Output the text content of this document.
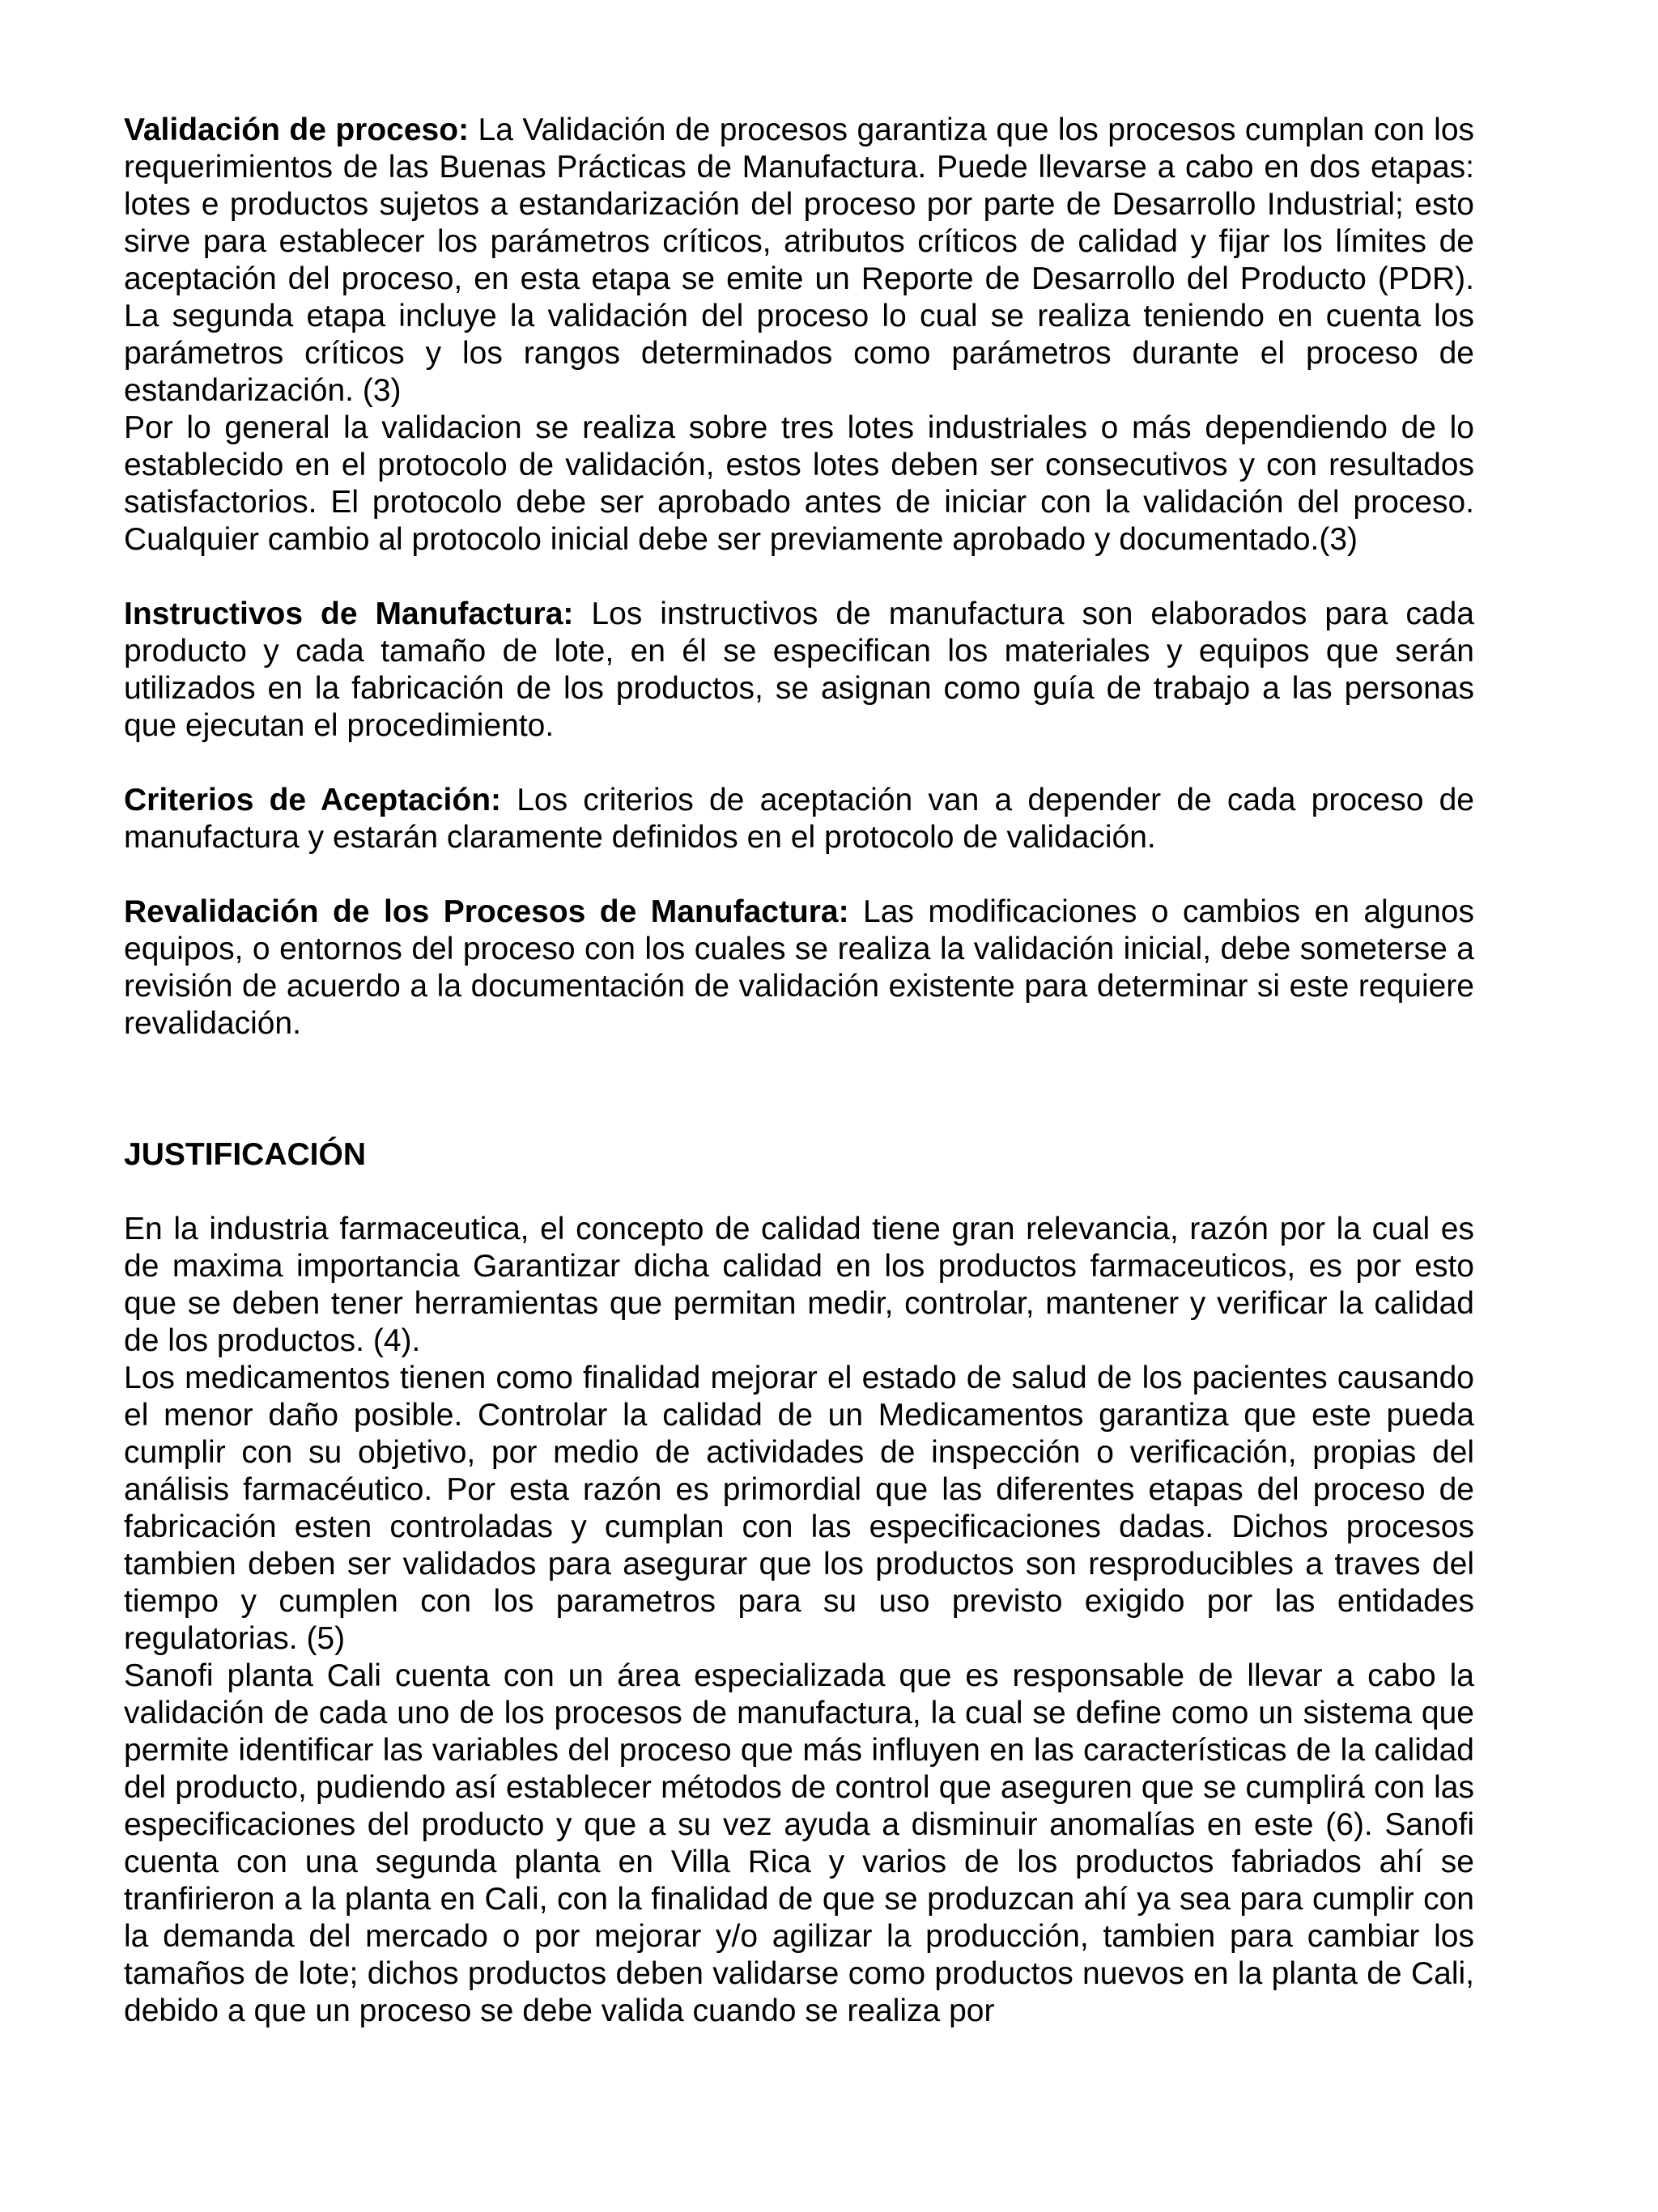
Validación de proceso: La Validación de procesos garantiza que los procesos cumplan con los requerimientos de las Buenas Prácticas de Manufactura. Puede llevarse a cabo en dos etapas: lotes e productos sujetos a estandarización del proceso por parte de Desarrollo Industrial; esto sirve para establecer los parámetros críticos, atributos críticos de calidad y fijar los límites de aceptación del proceso, en esta etapa se emite un Reporte de Desarrollo del Producto (PDR). La segunda etapa incluye la validación del proceso lo cual se realiza teniendo en cuenta los parámetros críticos y los rangos determinados como parámetros durante el proceso de estandarización. (3)

Por lo general la validacion se realiza sobre tres lotes industriales o más dependiendo de lo establecido en el protocolo de validación, estos lotes deben ser consecutivos y con resultados satisfactorios. El protocolo debe ser aprobado antes de iniciar con la validación del proceso. Cualquier cambio al protocolo inicial debe ser previamente aprobado y documentado.(3)

Instructivos de Manufactura: Los instructivos de manufactura son elaborados para cada producto y cada tamaño de lote, en él se especifican los materiales y equipos que serán utilizados en la fabricación de los productos, se asignan como guía de trabajo a las personas que ejecutan el procedimiento.

Criterios de Aceptación: Los criterios de aceptación van a depender de cada proceso de manufactura y estarán claramente definidos en el protocolo de validación.

Revalidación de los Procesos de Manufactura: Las modificaciones o cambios en algunos equipos, o entornos del proceso con los cuales se realiza la validación inicial, debe someterse a revisión de acuerdo a la documentación de validación existente para determinar si este requiere revalidación.

JUSTIFICACIÓN

En la industria farmaceutica, el concepto de calidad tiene gran relevancia, razón por la cual es de maxima importancia Garantizar dicha calidad en los productos farmaceuticos, es por esto que se deben tener herramientas que permitan medir, controlar, mantener y verificar la calidad de los productos. (4).

Los medicamentos tienen como finalidad mejorar el estado de salud de los pacientes causando el menor daño posible. Controlar la calidad de un Medicamentos garantiza que este pueda cumplir con su objetivo, por medio de actividades de inspección o verificación, propias del análisis farmacéutico. Por esta razón es primordial que las diferentes etapas del proceso de fabricación esten controladas y cumplan con las especificaciones dadas. Dichos procesos tambien deben ser validados para asegurar que los productos son resproducibles a traves del tiempo y cumplen con los parametros para su uso previsto exigido por las entidades regulatorias. (5)

Sanofi planta Cali cuenta con un área especializada que es responsable de llevar a cabo la validación de cada uno de los procesos de manufactura, la cual se define como un sistema que permite identificar las variables del proceso que más influyen en las características de la calidad del producto, pudiendo así establecer métodos de control que aseguren que se cumplirá con las especificaciones del producto y que a su vez ayuda a disminuir anomalías en este (6). Sanofi cuenta con una segunda planta en Villa Rica y varios de los productos fabriados ahí se tranfirieron a la planta en Cali, con la finalidad de que se produzcan ahí ya sea para cumplir con la demanda del mercado o por mejorar y/o agilizar la producción, tambien para cambiar los tamaños de lote; dichos productos deben validarse como productos nuevos en la planta de Cali, debido a que un proceso se debe valida cuando se realiza por
